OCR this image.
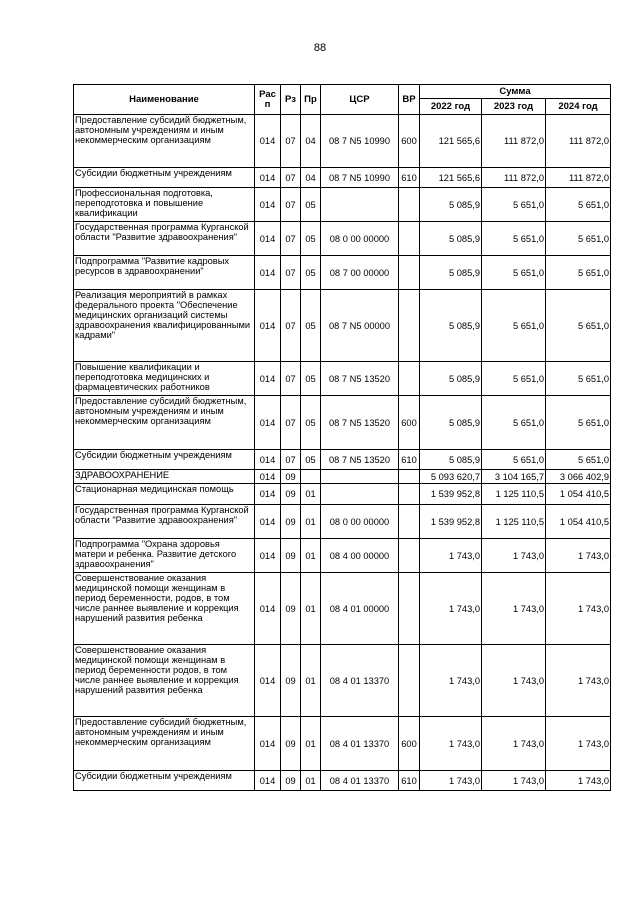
88
Наименование	Рас п	Рз	Пр	ЦСР	ВР	Сумма		
						2022 год	2023 год	2024 год
Предоставление субсидий бюджетным, автономным учреждениям и иным некоммерческим организациям	014	07	04	08 7 N5 10990	600	121 565,6	111 872,0	111 872,0
Субсидии бюджетным учреждениям	014	07	04	08 7 N5 10990	610	121 565,6	111 872,0	111 872,0
Профессиональная подготовка, переподготовка и повышение квалификации	014	07	05			5 085,9	5 651,0	5 651,0
Государственная программа Курганской области "Развитие здравоохранения"	014	07	05	08 0 00 00000		5 085,9	5 651,0	5 651,0
Подпрограмма "Развитие кадровых ресурсов в здравоохранении"	014	07	05	08 7 00 00000		5 085,9	5 651,0	5 651,0
Реализация мероприятий в рамках федерального проекта "Обеспечение медицинских организаций системы здравоохранения квалифицированными кадрами"	014	07	05	08 7 N5 00000		5 085,9	5 651,0	5 651,0
Повышение квалификации и переподготовка медицинских и фармацевтических работников	014	07	05	08 7 N5 13520		5 085,9	5 651,0	5 651,0
Предоставление субсидий бюджетным, автономным учреждениям и иным некоммерческим организациям	014	07	05	08 7 N5 13520	600	5 085,9	5 651,0	5 651,0
Субсидии бюджетным учреждениям	014	07	05	08 7 N5 13520	610	5 085,9	5 651,0	5 651,0
ЗДРАВООХРАНЕНИЕ	014	09				5 093 620,7	3 104 165,7	3 066 402,9
Стационарная медицинская помощь	014	09	01			1 539 952,8	1 125 110,5	1 054 410,5
Государственная программа Курганской области "Развитие здравоохранения"	014	09	01	08 0 00 00000		1 539 952,8	1 125 110,5	1 054 410,5
Подпрограмма "Охрана здоровья матери и ребенка. Развитие детского здравоохранения"	014	09	01	08 4 00 00000		1 743,0	1 743,0	1 743,0
Совершенствование оказания медицинской помощи женщинам в период беременности, родов, в том числе раннее выявление и коррекция нарушений развития ребенка	014	09	01	08 4 01 00000		1 743,0	1 743,0	1 743,0
Совершенствование оказания медицинской помощи женщинам в период беременности родов, в том числе раннее выявление и коррекция нарушений развития ребенка	014	09	01	08 4 01 13370		1 743,0	1 743,0	1 743,0
Предоставление субсидий бюджетным, автономным учреждениям и иным некоммерческим организациям	014	09	01	08 4 01 13370	600	1 743,0	1 743,0	1 743,0
Субсидии бюджетным учреждениям	014	09	01	08 4 01 13370	610	1 743,0	1 743,0	1 743,0
